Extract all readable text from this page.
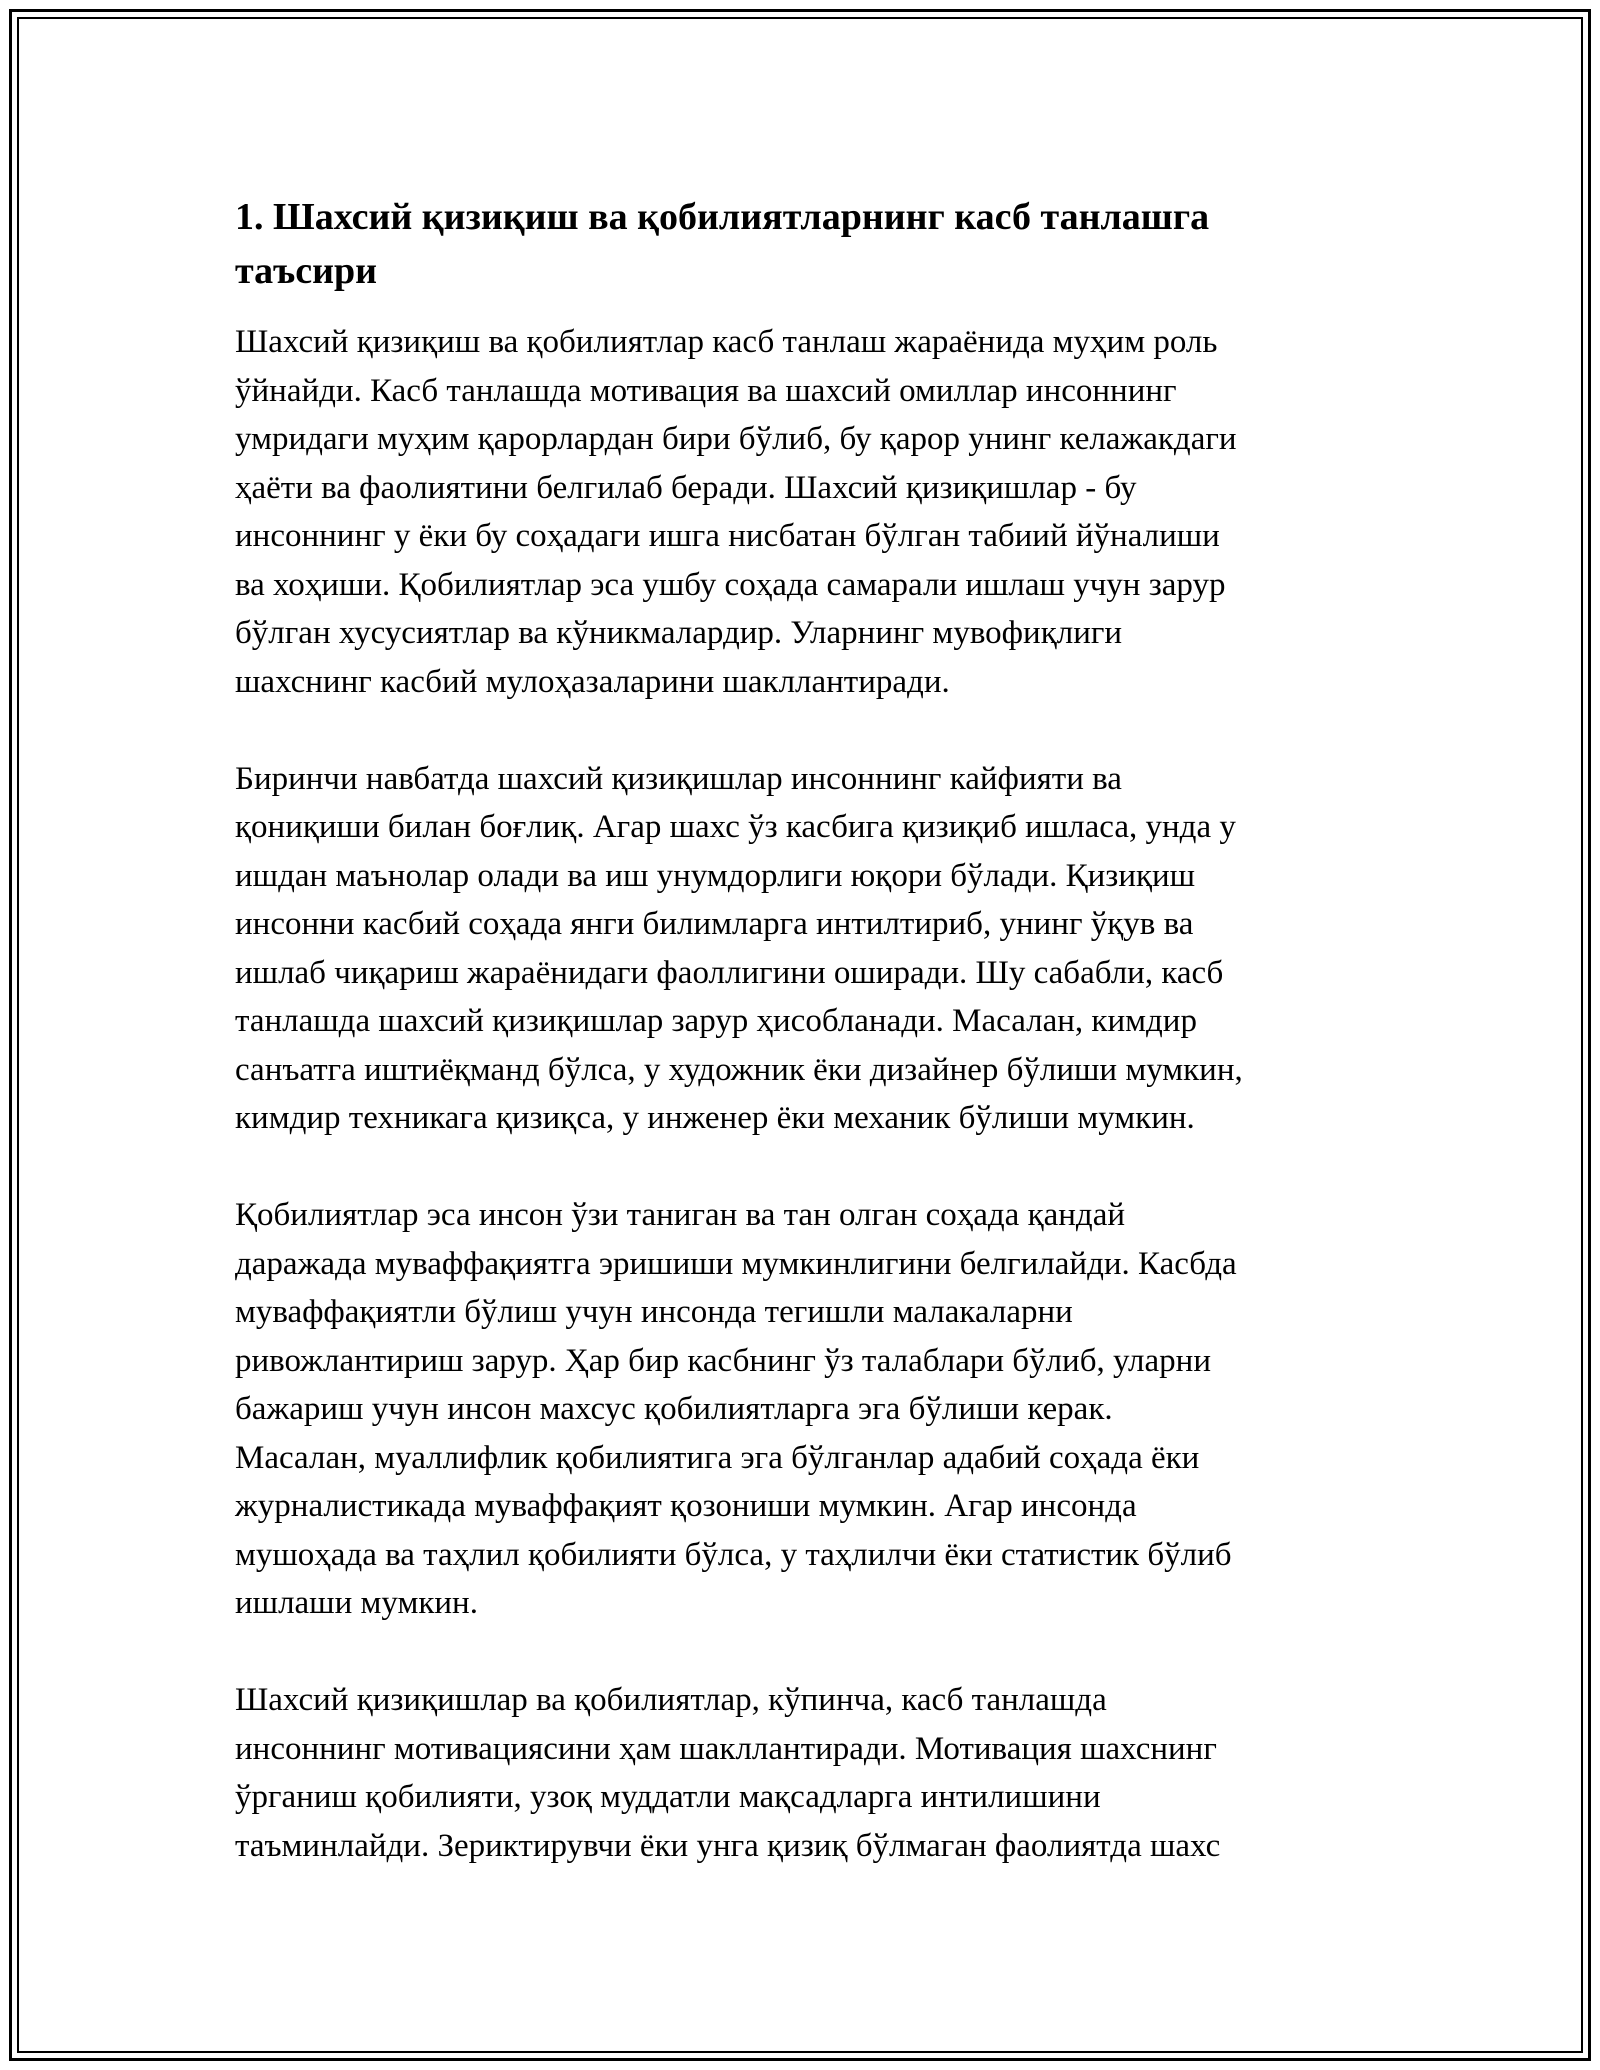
1. Шахсий қизиқиш ва қобилиятларнинг касб танлашга
таъсири

Шахсий қизиқиш ва қобилиятлар касб танлаш жараёнида муҳим роль
ўйнайди. Касб танлашда мотивация ва шахсий омиллар инсоннинг
умридаги муҳим қарорлардан бири бўлиб, бу қарор унинг келажакдаги
ҳаёти ва фаолиятини белгилаб беради. Шахсий қизиқишлар - бу
инсоннинг у ёки бу соҳадаги ишга нисбатан бўлган табиий йўналиши
ва хоҳиши. Қобилиятлар эса ушбу соҳада самарали ишлаш учун зарур
бўлган хусусиятлар ва кўникмалардир. Уларнинг мувофиқлиги
шахснинг касбий мулоҳазаларини шакллантиради.

Биринчи навбатда шахсий қизиқишлар инсоннинг кайфияти ва
қониқиши билан боғлиқ. Агар шахс ўз касбига қизиқиб ишласа, унда у
ишдан маънолар олади ва иш унумдорлиги юқори бўлади. Қизиқиш
инсонни касбий соҳада янги билимларга интилтириб, унинг ўқув ва
ишлаб чиқариш жараёнидаги фаоллигини оширади. Шу сабабли, касб
танлашда шахсий қизиқишлар зарур ҳисобланади. Масалан, кимдир
санъатга иштиёқманд бўлса, у художник ёки дизайнер бўлиши мумкин,
кимдир техникага қизиқса, у инженер ёки механик бўлиши мумкин.

Қобилиятлар эса инсон ўзи таниган ва тан олган соҳада қандай
даражада муваффақиятга эришиши мумкинлигини белгилайди. Касбда
муваффақиятли бўлиш учун инсонда тегишли малакаларни
ривожлантириш зарур. Ҳар бир касбнинг ўз талаблари бўлиб, уларни
бажариш учун инсон махсус қобилиятларга эга бўлиши керак.
Масалан, муаллифлик қобилиятига эга бўлганлар адабий соҳада ёки
журналистикада муваффақият қозониши мумкин. Агар инсонда
мушоҳада ва таҳлил қобилияти бўлса, у таҳлилчи ёки статистик бўлиб
ишлаши мумкин.

Шахсий қизиқишлар ва қобилиятлар, кўпинча, касб танлашда
инсоннинг мотивациясини ҳам шакллантиради. Мотивация шахснинг
ўрганиш қобилияти, узоқ муддатли мақсадларга интилишини
таъминлайди. Зериктирувчи ёки унга қизиқ бўлмаган фаолиятда шахс
